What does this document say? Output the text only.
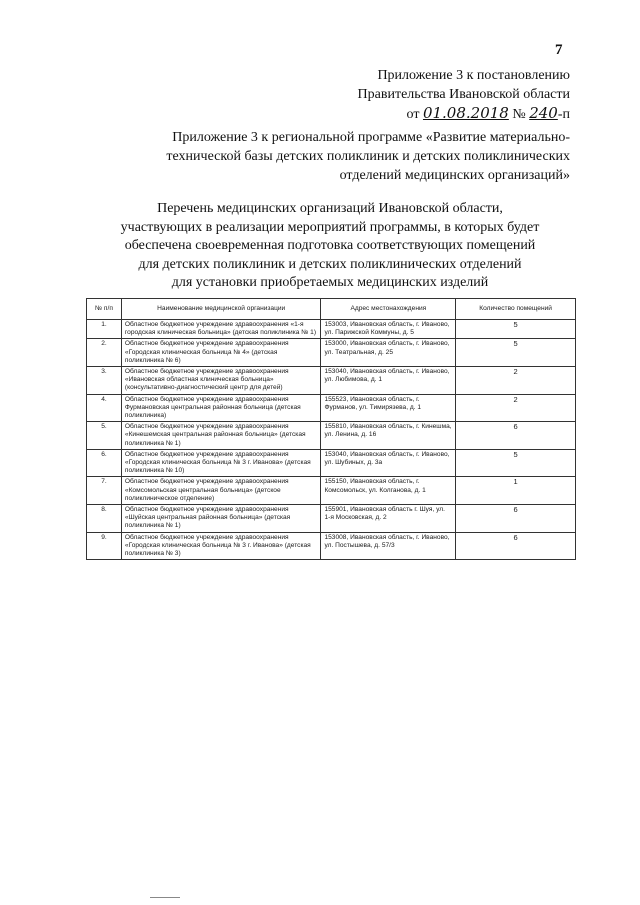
7
Приложение 3 к постановлению
Правительства Ивановской области
от 01.08.2018 № 240-п
Приложение 3 к региональной программе «Развитие материально-
технической базы детских поликлиник и детских поликлинических
отделений медицинских организаций»
Перечень медицинских организаций Ивановской области,
участвующих в реализации мероприятий программы, в которых будет
обеспечена своевременная подготовка соответствующих помещений
для детских поликлиник и детских поликлинических отделений
для установки приобретаемых медицинских изделий
№ п/п	Наименование медицинской организации	Адрес местонахождения	Количество помещений
1.	Областное бюджетное учреждение здравоохранения «1-я городская клиническая больница» (детская поликлиника № 1)	153003, Ивановская область, г. Иваново, ул. Парижской Коммуны, д. 5	5
2.	Областное бюджетное учреждение здравоохранения «Городская клиническая больница № 4» (детская поликлиника № 6)	153000, Ивановская область, г. Иваново, ул. Театральная, д. 25	5
3.	Областное бюджетное учреждение здравоохранения «Ивановская областная клиническая больница» (консультативно-диагностический центр для детей)	153040, Ивановская область, г. Иваново, ул. Любимова, д. 1	2
4.	Областное бюджетное учреждение здравоохранения Фурмановская центральная районная больница (детская поликлиника)	155523, Ивановская область, г. Фурманов, ул. Тимирязева, д. 1	2
5.	Областное бюджетное учреждение здравоохранения «Кинешемская центральная районная больница» (детская поликлиника № 1)	155810, Ивановская область, г. Кинешма, ул. Ленина, д. 16	6
6.	Областное бюджетное учреждение здравоохранения «Городская клиническая больница № 3 г. Иванова» (детская поликлиника № 10)	153040, Ивановская область, г. Иваново, ул. Шубиных, д. 3а	5
7.	Областное бюджетное учреждение здравоохранения «Комсомольская центральная больница» (детское поликлиническое отделение)	155150, Ивановская область, г. Комсомольск, ул. Колганова, д. 1	1
8.	Областное бюджетное учреждение здравоохранения «Шуйская центральная районная больница» (детская поликлиника № 1)	155901, Ивановская область г. Шуя, ул. 1-я Московская, д. 2	6
9.	Областное бюджетное учреждение здравоохранения «Городская клиническая больница № 3 г. Иванова» (детская поликлиника № 3)	153008, Ивановская область, г. Иваново, ул. Постышева, д. 57/3	6
